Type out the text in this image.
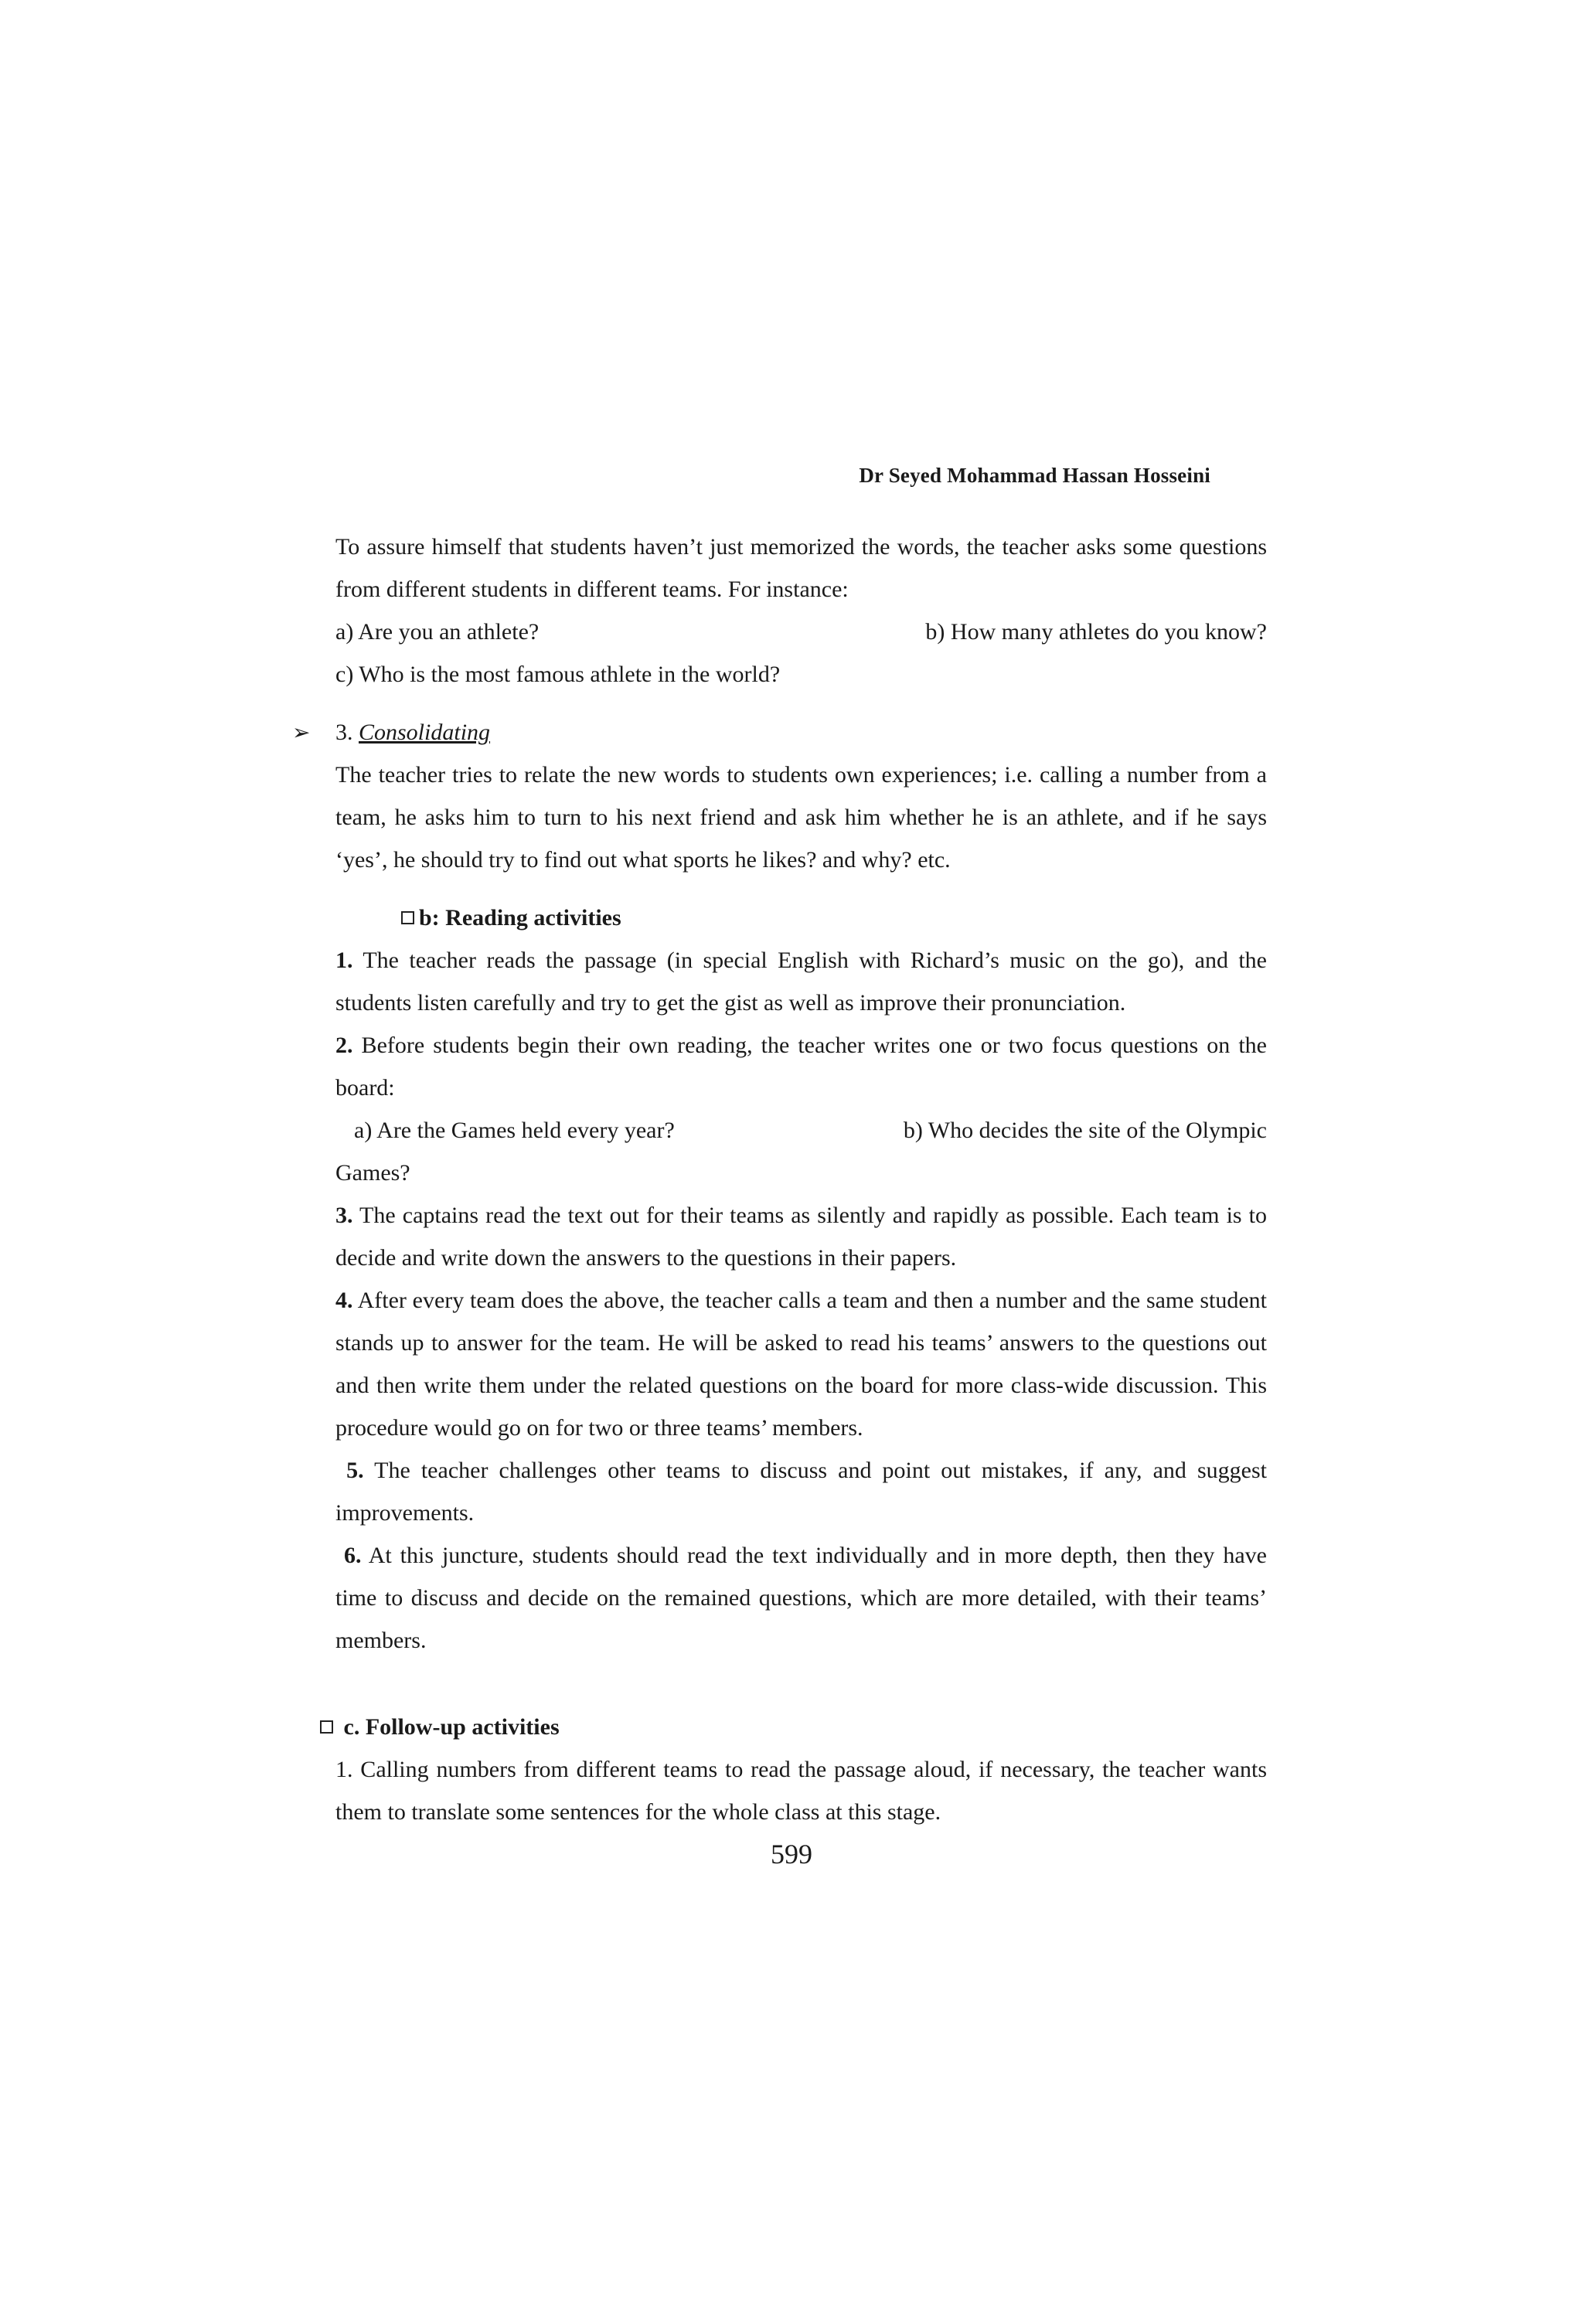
Dr Seyed Mohammad Hassan Hosseini

To assure himself that students haven’t just memorized the words, the teacher asks some questions from different students in different teams. For instance:

a) Are you an athlete?	b) How many athletes do you know?

c) Who is the most famous athlete in the world?

➢ 3. Consolidating

The teacher tries to relate the new words to students own experiences; i.e. calling a number from a team, he asks him to turn to his next friend and ask him whether he is an athlete, and if he says ‘yes’, he should try to find out what sports he likes? and why? etc.

b: Reading activities

1. The teacher reads the passage (in special English with Richard’s music on the go), and the students listen carefully and try to get the gist as well as improve their pronunciation.

2. Before students begin their own reading, the teacher writes one or two focus questions on the board:

a) Are the Games held every year?	b) Who decides the site of the Olympic

Games?

3. The captains read the text out for their teams as silently and rapidly as possible. Each team is to decide and write down the answers to the questions in their papers.

4. After every team does the above, the teacher calls a team and then a number and the same student stands up to answer for the team. He will be asked to read his teams’ answers to the questions out and then write them under the related questions on the board for more class-wide discussion. This procedure would go on for two or three teams’ members.

5. The teacher challenges other teams to discuss and point out mistakes, if any, and suggest improvements.

6. At this juncture, students should read the text individually and in more depth, then they have time to discuss and decide on the remained questions, which are more detailed, with their teams’ members.

c. Follow-up activities

1. Calling numbers from different teams to read the passage aloud, if necessary, the teacher wants them to translate some sentences for the whole class at this stage.

599
